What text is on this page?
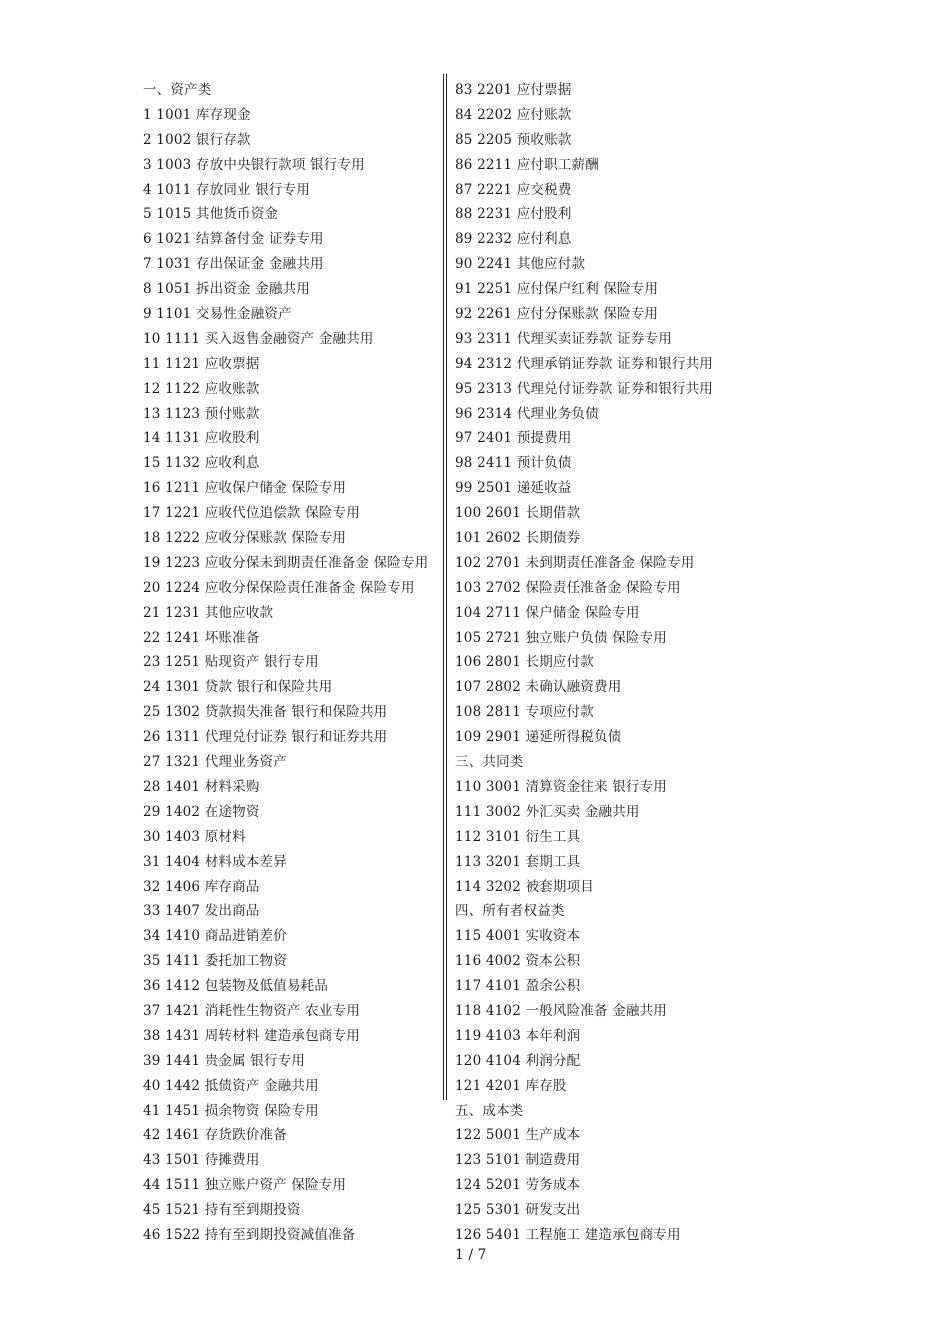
一、资产类
1 1001 库存现金
2 1002 银行存款
3 1003 存放中央银行款项 银行专用
4 1011 存放同业 银行专用
5 1015 其他货币资金
6 1021 结算备付金 证券专用
7 1031 存出保证金 金融共用
8 1051 拆出资金 金融共用
9 1101 交易性金融资产
10 1111 买入返售金融资产 金融共用
11 1121 应收票据
12 1122 应收账款
13 1123 预付账款
14 1131 应收股利
15 1132 应收利息
16 1211 应收保户储金 保险专用
17 1221 应收代位追偿款 保险专用
18 1222 应收分保账款 保险专用
19 1223 应收分保未到期责任准备金 保险专用
20 1224 应收分保保险责任准备金 保险专用
21 1231 其他应收款
22 1241 坏账准备
23 1251 贴现资产 银行专用
24 1301 贷款 银行和保险共用
25 1302 贷款损失准备 银行和保险共用
26 1311 代理兑付证券 银行和证券共用
27 1321 代理业务资产
28 1401 材料采购
29 1402 在途物资
30 1403 原材料
31 1404 材料成本差异
32 1406 库存商品
33 1407 发出商品
34 1410 商品进销差价
35 1411 委托加工物资
36 1412 包装物及低值易耗品
37 1421 消耗性生物资产 农业专用
38 1431 周转材料 建造承包商专用
39 1441 贵金属 银行专用
40 1442 抵债资产 金融共用
41 1451 损余物资 保险专用
42 1461 存货跌价准备
43 1501 待摊费用
44 1511 独立账户资产 保险专用
45 1521 持有至到期投资
46 1522 持有至到期投资减值准备
83 2201 应付票据
84 2202 应付账款
85 2205 预收账款
86 2211 应付职工薪酬
87 2221 应交税费
88 2231 应付股利
89 2232 应付利息
90 2241 其他应付款
91 2251 应付保户红利 保险专用
92 2261 应付分保账款 保险专用
93 2311 代理买卖证券款 证券专用
94 2312 代理承销证券款 证券和银行共用
95 2313 代理兑付证券款 证券和银行共用
96 2314 代理业务负债
97 2401 预提费用
98 2411 预计负债
99 2501 递延收益
100 2601 长期借款
101 2602 长期债券
102 2701 未到期责任准备金 保险专用
103 2702 保险责任准备金 保险专用
104 2711 保户储金 保险专用
105 2721 独立账户负债 保险专用
106 2801 长期应付款
107 2802 未确认融资费用
108 2811 专项应付款
109 2901 递延所得税负债
三、共同类
110 3001 清算资金往来 银行专用
111 3002 外汇买卖 金融共用
112 3101 衍生工具
113 3201 套期工具
114 3202 被套期项目
四、所有者权益类
115 4001 实收资本
116 4002 资本公积
117 4101 盈余公积
118 4102 一般风险准备 金融共用
119 4103 本年利润
120 4104 利润分配
121 4201 库存股
五、成本类
122 5001 生产成本
123 5101 制造费用
124 5201 劳务成本
125 5301 研发支出
126 5401 工程施工 建造承包商专用
1 / 7
